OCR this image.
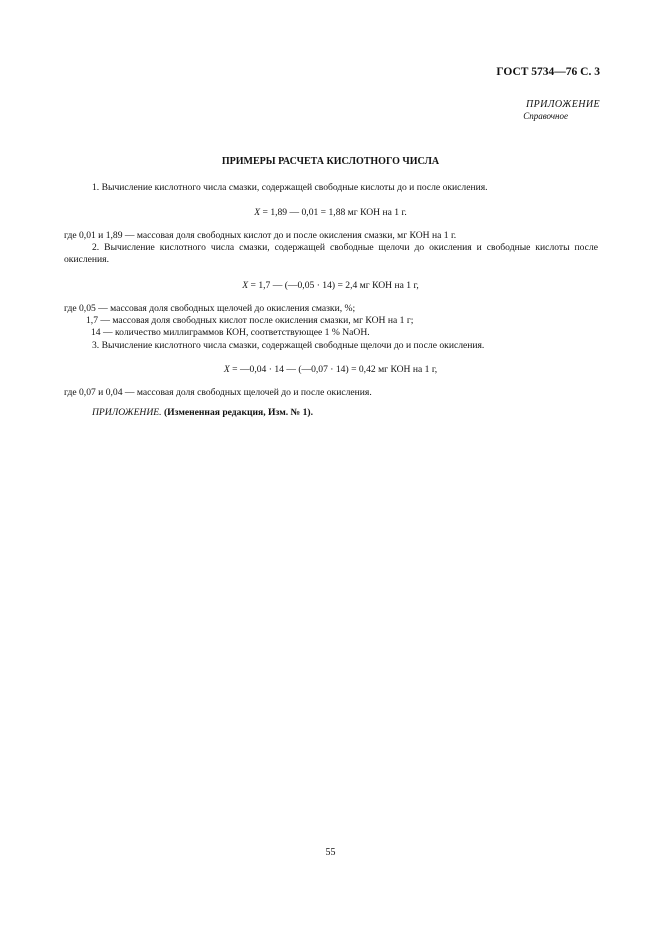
ГОСТ 5734—76 С. 3
ПРИЛОЖЕНИЕ
Справочное
ПРИМЕРЫ РАСЧЕТА КИСЛОТНОГО ЧИСЛА
1. Вычисление кислотного числа смазки, содержащей свободные кислоты до и после окисления.
X = 1,89 — 0,01 = 1,88 мг КОН на 1 г.
где 0,01 и 1,89 — массовая доля свободных кислот до и после окисления смазки, мг КОН на 1 г.
2. Вычисление кислотного числа смазки, содержащей свободные щелочи до окисления и свободные кислоты после окисления.
X = 1,7 — (—0,05 · 14) = 2,4 мг КОН на 1 г,
где 0,05 — массовая доля свободных щелочей до окисления смазки, %;
1,7 — массовая доля свободных кислот после окисления смазки, мг КОН на 1 г;
14 — количество миллиграммов КОН, соответствующее 1 % NaOH.
3. Вычисление кислотного числа смазки, содержащей свободные щелочи до и после окисления.
X = —0,04 · 14 — (—0,07 · 14) = 0,42 мг КОН на 1 г,
где 0,07 и 0,04 — массовая доля свободных щелочей до и после окисления.
ПРИЛОЖЕНИЕ. (Измененная редакция, Изм. № 1).
55
